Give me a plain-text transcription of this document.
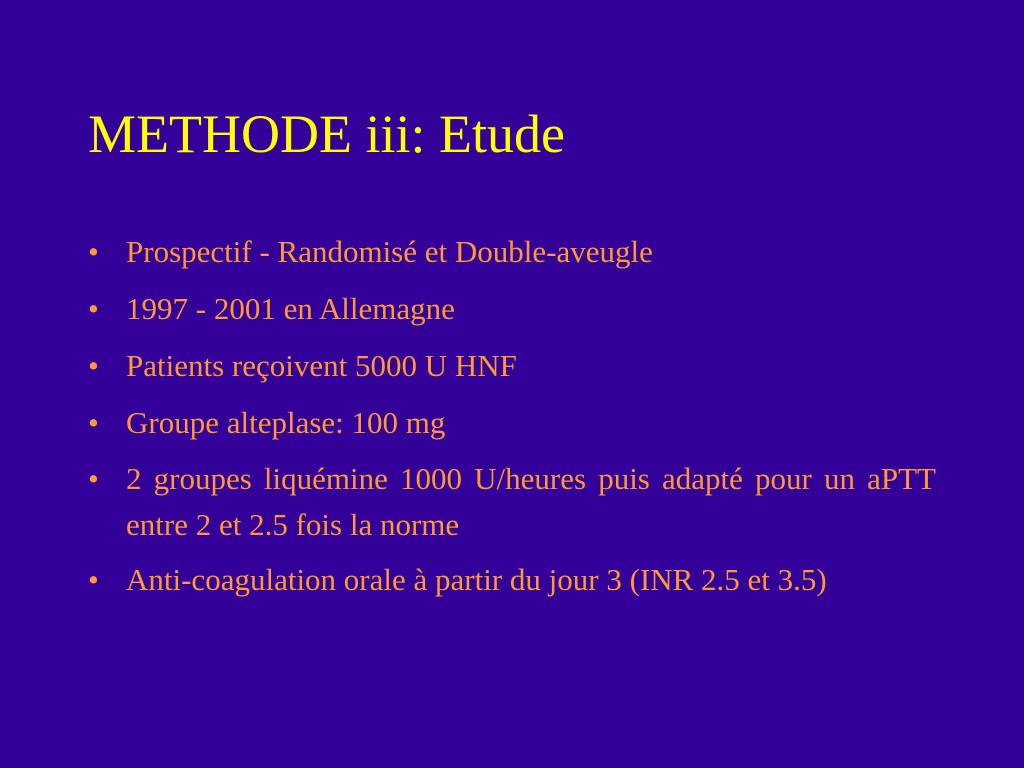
METHODE iii: Etude
• Prospectif - Randomisé et Double-aveugle
• 1997 - 2001 en Allemagne
• Patients reçoivent 5000 U HNF
• Groupe alteplase: 100 mg
• 2 groupes liquémine 1000 U/heures puis adapté pour un aPTT entre 2 et 2.5 fois la norme
• Anti-coagulation orale à partir du jour 3 (INR 2.5 et 3.5)
